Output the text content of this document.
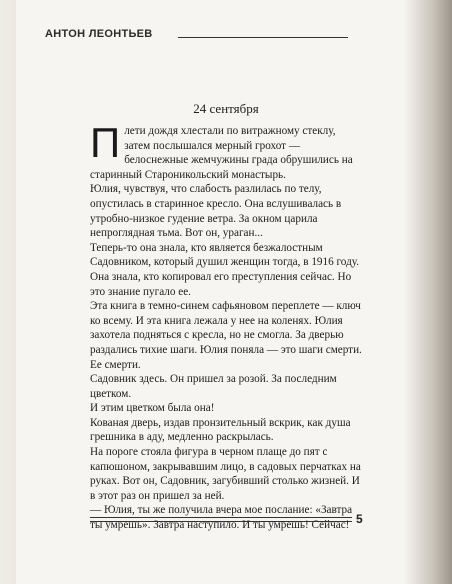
АНТОН ЛЕОНТЬЕВ
24 сентября

Плети дождя хлестали по витражному стеклу, затем послышался мерный грохот — белоснежные жемчужины града обрушились на старинный Староникольский монастырь.

Юлия, чувствуя, что слабость разлилась по телу, опустилась в старинное кресло. Она вслушивалась в утробно-низкое гудение ветра. За окном царила непроглядная тьма. Вот он, ураган...

Теперь-то она знала, кто является безжалостным Садовником, который душил женщин тогда, в 1916 году. Она знала, кто копировал его преступления сейчас. Но это знание пугало ее.

Эта книга в темно-синем сафьяновом переплете — ключ ко всему. И эта книга лежала у нее на коленях. Юлия захотела подняться с кресла, но не смогла. За дверью раздались тихие шаги. Юлия поняла — это шаги смерти.

Ее смерти.

Садовник здесь. Он пришел за розой. За последним цветком.

И этим цветком была она!

Кованая дверь, издав пронзительный вскрик, как душа грешника в аду, медленно раскрылась.

На пороге стояла фигура в черном плаще до пят с капюшоном, закрывавшим лицо, в садовых перчатках на руках. Вот он, Садовник, загубивший столько жизней. И в этот раз он пришел за ней.

— Юлия, ты же получила вчера мое послание: «Завтра ты умрешь». Завтра наступило. И ты умрешь! Сейчас! 5
